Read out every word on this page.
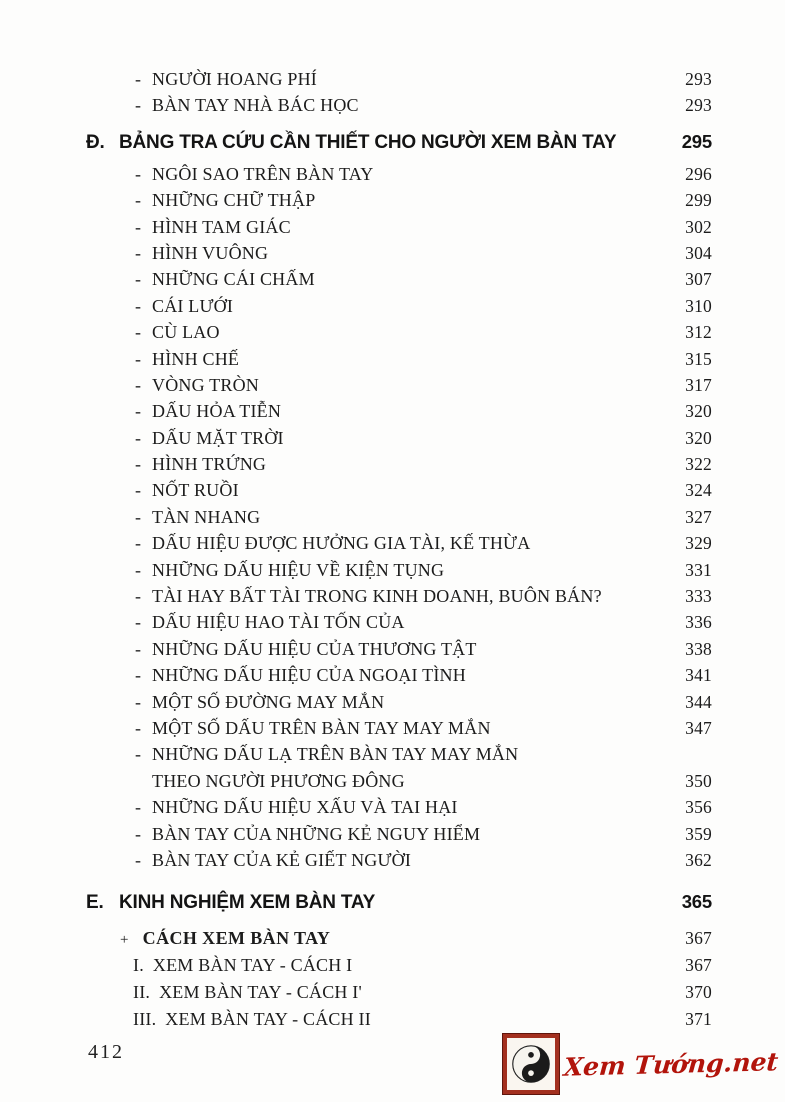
- NGƯỜI HOANG PHÍ	293
- BÀN TAY NHÀ BÁC HỌC	293
Đ. BẢNG TRA CỨU CẦN THIẾT CHO NGƯỜI XEM BÀN TAY	295
- NGÔI SAO TRÊN BÀN TAY	296
- NHỮNG CHỮ THẬP	299
- HÌNH TAM GIÁC	302
- HÌNH VUÔNG	304
- NHỮNG CÁI CHẤM	307
- CÁI LƯỚI	310
- CÙ LAO	312
- HÌNH CHẾ	315
- VÒNG TRÒN	317
- DẤU HỎA TIỄN	320
- DẤU MẶT TRỜI	320
- HÌNH TRỨNG	322
- NỐT RUỒI	324
- TÀN NHANG	327
- DẤU HIỆU ĐƯỢC HƯỞNG GIA TÀI, KẾ THỪA	329
- NHỮNG DẤU HIỆU VỀ KIỆN TỤNG	331
- TÀI HAY BẤT TÀI TRONG KINH DOANH, BUÔN BÁN?	333
- DẤU HIỆU HAO TÀI TỐN CỦA	336
- NHỮNG DẤU HIỆU CỦA THƯƠNG TẬT	338
- NHỮNG DẤU HIỆU CỦA NGOẠI TÌNH	341
- MỘT SỐ ĐƯỜNG MAY MẮN	344
- MỘT SỐ DẤU TRÊN BÀN TAY MAY MẮN	347
- NHỮNG DẤU LẠ TRÊN BÀN TAY MAY MẮN
THEO NGƯỜI PHƯƠNG ĐÔNG	350
- NHỮNG DẤU HIỆU XẤU VÀ TAI HẠI	356
- BÀN TAY CỦA NHỮNG KẺ NGUY HIỂM	359
- BÀN TAY CỦA KẺ GIẾT NGƯỜI	362
E. KINH NGHIỆM XEM BÀN TAY	365
+ CÁCH XEM BÀN TAY	367
I. XEM BÀN TAY - CÁCH I	367
II. XEM BÀN TAY - CÁCH I'	370
III. XEM BÀN TAY - CÁCH II	371
412	Xem Tướng.net
